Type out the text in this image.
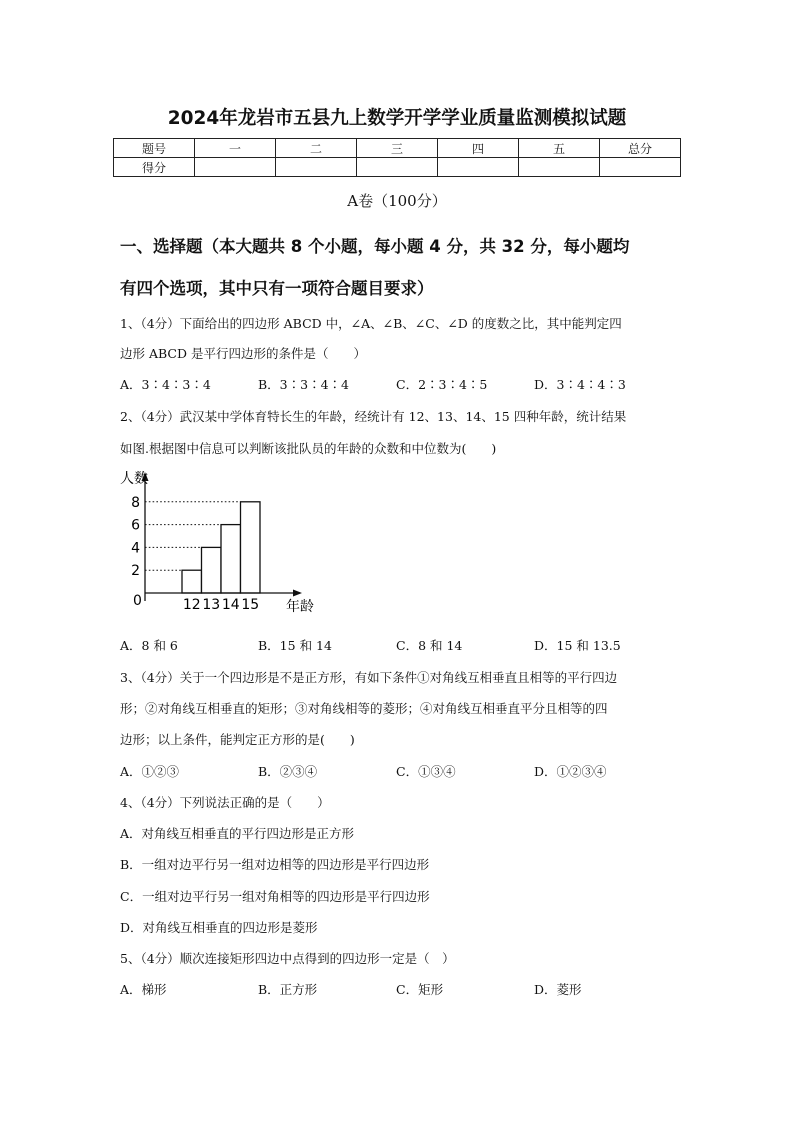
2024年龙岩市五县九上数学开学学业质量监测模拟试题
题号	一	二	三	四	五	总分
得分						
A卷（100分）
一、选择题（本大题共 8 个小题，每小题 4 分，共 32 分，每小题均
有四个选项，其中只有一项符合题目要求）
1、（4分）下面给出的四边形 ABCD 中，∠A、∠B、∠C、∠D 的度数之比，其中能判定四
边形 ABCD 是平行四边形的条件是（　　）
A．3∶4∶3∶4	B．3∶3∶4∶4	C．2∶3∶4∶5	D．3∶4∶4∶3
2、（4分）武汉某中学体育特长生的年龄，经统计有 12、13、14、15 四种年龄，统计结果
如图.根据图中信息可以判断该批队员的年龄的众数和中位数为(　　)
人数
年龄
12 13 14 15
0
2
4
6
8
A．8 和 6	B．15 和 14	C．8 和 14	D．15 和 13.5
3、（4分）关于一个四边形是不是正方形，有如下条件①对角线互相垂直且相等的平行四边
形；②对角线互相垂直的矩形；③对角线相等的菱形；④对角线互相垂直平分且相等的四
边形；以上条件，能判定正方形的是(　　)
A．①②③	B．②③④	C．①③④	D．①②③④
4、（4分）下列说法正确的是（　　）
A．对角线互相垂直的平行四边形是正方形
B．一组对边平行另一组对边相等的四边形是平行四边形
C．一组对边平行另一组对角相等的四边形是平行四边形
D．对角线互相垂直的四边形是菱形
5、（4分）顺次连接矩形四边中点得到的四边形一定是（　）
A．梯形	B．正方形	C．矩形	D．菱形
